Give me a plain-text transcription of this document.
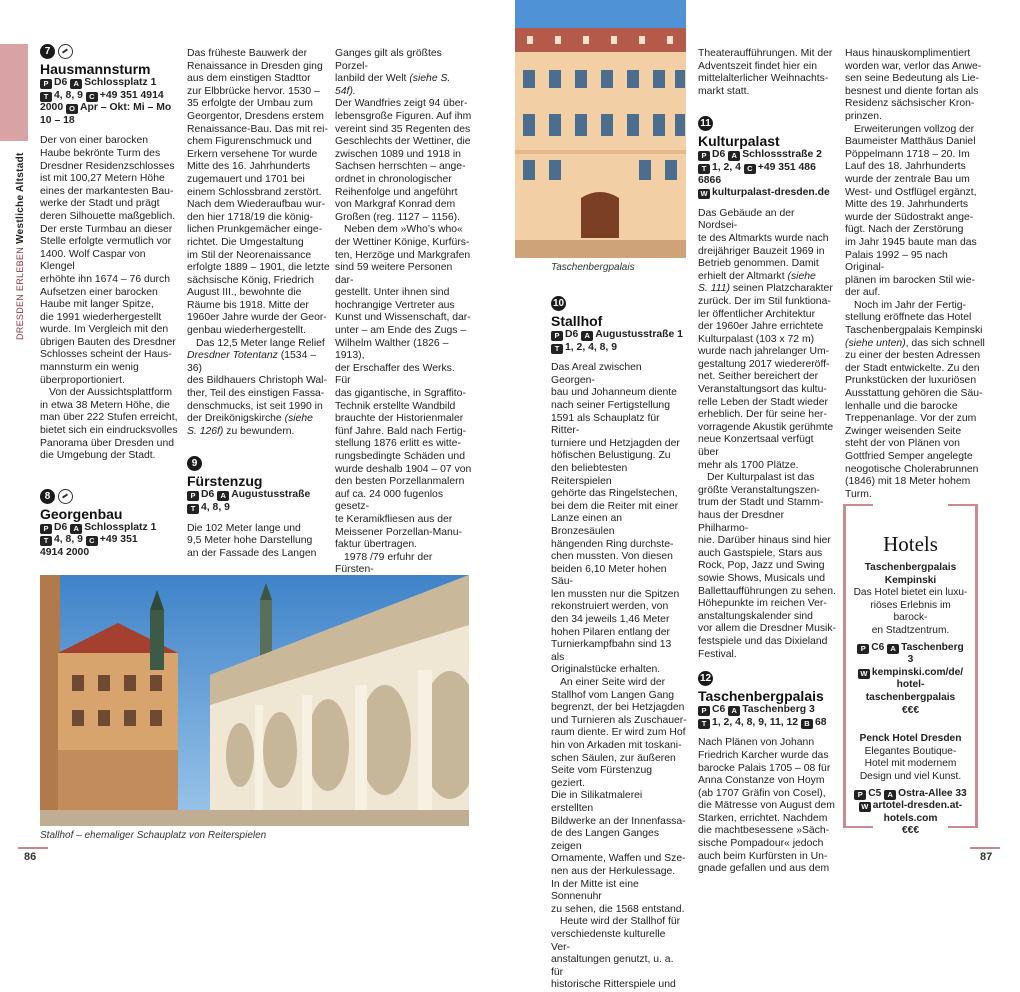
DRESDEN ERLEBEN Westliche Altstadt
7
Hausmannsturm
P D6 A Schlossplatz 1
T 4, 8, 9 C +49 351 4914
2000 O Apr – Okt: Mi – Mo
10 – 18

Der von einer barocken
Haube bekrönte Turm des
Dresdner Residenzschlosses
ist mit 100,27 Metern Höhe
eines der markantesten Bau-
werke der Stadt und prägt
deren Silhouette maßgeblich.
Der erste Turmbau an dieser
Stelle erfolgte vermutlich vor
1400. Wolf Caspar von Klengel
erhöhte ihn 1674 – 76 durch
Aufsetzen einer barocken
Haube mit langer Spitze,
die 1991 wiederhergestellt
wurde. Im Vergleich mit den
übrigen Bauten des Dresdner
Schlosses scheint der Haus-
mannsturm ein wenig
überproportioniert.

Von der Aussichtsplattform
in etwa 38 Metern Höhe, die
man über 222 Stufen erreicht,
bietet sich ein eindrucksvolles
Panorama über Dresden und
die Umgebung der Stadt.

8
Georgenbau
P D6 A Schlossplatz 1
T 4, 8, 9 C +49 351
4914 2000

Das früheste Bauwerk der
Renaissance in Dresden ging
aus dem einstigen Stadttor
zur Elbbrücke hervor. 1530 –
35 erfolgte der Umbau zum
Georgentor, Dresdens erstem
Renaissance-Bau. Das mit rei-
chem Figurenschmuck und
Erkern versehene Tor wurde
Mitte des 16. Jahrhunderts
zugemauert und 1701 bei
einem Schlossbrand zerstört.
Nach dem Wiederaufbau wur-
den hier 1718/19 die könig-
lichen Prunkgemächer einge-
richtet. Die Umgestaltung
im Stil der Neorenaissance
erfolgte 1889 – 1901, die letzte
sächsische König, Friedrich
August III., bewohnte die
Räume bis 1918. Mitte der
1960er Jahre wurde der Geor-
genbau wiederhergestellt.

Das 12,5 Meter lange Relief Dresdner Totentanz (1534 – 36)
des Bildhauers Christoph Wal-
ther, Teil des einstigen Fassa-
denschmucks, ist seit 1990 in
der Dreikönigskirche (siehe
S. 126f) zu bewundern.

9
Fürstenzug
P D6 A Augustusstraße
T 4, 8, 9

Die 102 Meter lange und
9,5 Meter hohe Darstellung
an der Fassade des Langen

Ganges gilt als größtes Porzel-
lanbild der Welt (siehe S. 54f).
Der Wandfries zeigt 94 über-
lebensgroße Figuren. Auf ihm
vereint sind 35 Regenten des
Geschlechts der Wettiner, die
zwischen 1089 und 1918 in
Sachsen herrschten – ange-
ordnet in chronologischer
Reihenfolge und angeführt
von Markgraf Konrad dem
Großen (reg. 1127 – 1156).

Neben dem »Who’s who«
der Wettiner Könige, Kurfürs-
ten, Herzöge und Markgrafen
sind 59 weitere Personen dar-
gestellt. Unter ihnen sind
hochrangige Vertreter aus
Kunst und Wissenschaft, dar-
unter – am Ende des Zugs –
Wilhelm Walther (1826 – 1913),
der Erschaffer des Werks. Für
das gigantische, in Sgraffito-
Technik erstellte Wandbild
brauchte der Historienmaler
fünf Jahre. Bald nach Fertig-
stellung 1876 erlitt es witte-
rungsbedingte Schäden und
wurde deshalb 1904 – 07 von
den besten Porzellanmalern
auf ca. 24 000 fugenlos gesetz-
te Keramikfliesen aus der
Meissener Porzellan-Manu-
faktur übertragen.

1978 /79 erfuhr der Fürsten-

Stallhof – ehemaliger Schauplatz von Reiterspielen
86
Taschenbergpalais
10
Stallhof
P D6 A Augustusstraße 1
T 1, 2, 4, 8, 9

Das Areal zwischen Georgen-
bau und Johanneum diente
nach seiner Fertigstellung
1591 als Schauplatz für Ritter-
turniere und Hetzjagden der
höfischen Belustigung. Zu
den beliebtesten Reiterspielen
gehörte das Ringelstechen,
bei dem die Reiter mit einer
Lanze einen an Bronzesäulen
hängenden Ring durchste-
chen mussten. Von diesen
beiden 6,10 Meter hohen Säu-
len mussten nur die Spitzen
rekonstruiert werden, von
den 34 jeweils 1,46 Meter
hohen Pilaren entlang der
Turnierkampfbahn sind 13 als
Originalstücke erhalten.

An einer Seite wird der
Stallhof vom Langen Gang
begrenzt, der bei Hetzjagden
und Turnieren als Zuschauer-
raum diente. Er wird zum Hof
hin von Arkaden mit toskani-
schen Säulen, zur äußeren
Seite vom Fürstenzug geziert.
Die in Silikatmalerei erstellten
Bildwerke an der Innenfassa-
de des Langen Ganges zeigen
Ornamente, Waffen und Sze-
nen aus der Herkulessage.
In der Mitte ist eine Sonnenuhr
zu sehen, die 1568 entstand.

Heute wird der Stallhof für
verschiedenste kulturelle Ver-
anstaltungen genutzt, u. a. für
historische Ritterspiele und

Theateraufführungen. Mit der
Adventszeit findet hier ein
mittelalterlicher Weihnachts-
markt statt.

11
Kulturpalast
P D6 A Schlossstraße 2
T 1, 2, 4 C +49 351 486 6866
W kulturpalast-dresden.de

Das Gebäude an der Nordsei-
te des Altmarkts wurde nach
dreijähriger Bauzeit 1969 in
Betrieb genommen. Damit
erhielt der Altmarkt (siehe
S. 111) seinen Platzcharakter
zurück. Der im Stil funktiona-
ler öffentlicher Architektur
der 1960er Jahre errichtete
Kulturpalast (103 x 72 m)
wurde nach jahrelanger Um-
gestaltung 2017 wiedereröff-
net. Seither bereichert der
Veranstaltungsort das kultu-
relle Leben der Stadt wieder
erheblich. Der für seine her-
vorragende Akustik gerühmte
neue Konzertsaal verfügt über
mehr als 1700 Plätze.

Der Kulturpalast ist das
größte Veranstaltungszen-
trum der Stadt und Stamm-
haus der Dresdner Philharmo-
nie. Darüber hinaus sind hier
auch Gastspiele, Stars aus
Rock, Pop, Jazz und Swing
sowie Shows, Musicals und
Ballettaufführungen zu sehen.
Höhepunkte im reichen Ver-
anstaltungskalender sind
vor allem die Dresdner Musik-
festspiele und das Dixieland
Festival.

12
Taschenbergpalais
P C6 A Taschenberg 3
T 1, 2, 4, 8, 9, 11, 12 B 68

Nach Plänen von Johann
Friedrich Karcher wurde das
barocke Palais 1705 – 08 für
Anna Constanze von Hoym
(ab 1707 Gräfin von Cosel),
die Mätresse von August dem
Starken, errichtet. Nachdem
die machtbesessene »Säch-
sische Pompadour« jedoch
auch beim Kurfürsten in Un-
gnade gefallen und aus dem

Haus hinauskomplimentiert
worden war, verlor das Anwe-
sen seine Bedeutung als Lie-
besnest und diente fortan als
Residenz sächsischer Kron-
prinzen.

Erweiterungen vollzog der
Baumeister Matthäus Daniel
Pöppelmann 1718 – 20. Im
Lauf des 18. Jahrhunderts
wurde der zentrale Bau um
West- und Ostflügel ergänzt,
Mitte des 19. Jahrhunderts
wurde der Südostrakt ange-
fügt. Nach der Zerstörung
im Jahr 1945 baute man das
Palais 1992 – 95 nach Original-
plänen im barocken Stil wie-
der auf.

Noch im Jahr der Fertig-
stellung eröffnete das Hotel
Taschenbergpalais Kempinski
(siehe unten), das sich schnell
zu einer der besten Adressen
der Stadt entwickelte. Zu den
Prunkstücken der luxuriösen
Ausstattung gehören die Säu-
lenhalle und die barocke
Treppenanlage. Vor der zum
Zwinger weisenden Seite
steht der von Plänen von
Gottfried Semper angelegte
neogotische Cholerabrunnen
(1846) mit 18 Meter hohem
Turm.

Hotels
Taschenbergpalais
Kempinski
Das Hotel bietet ein luxu-
riöses Erlebnis im barock-
en Stadtzentrum.
P C6 A Taschenberg 3
W kempinski.com/de/
hotel-taschenbergpalais
€€€
Penck Hotel Dresden
Elegantes Boutique-
Hotel mit modernem
Design und viel Kunst.
P C5 A Ostra-Allee 33
W artotel-dresden.at-
hotels.com
€€€
87
